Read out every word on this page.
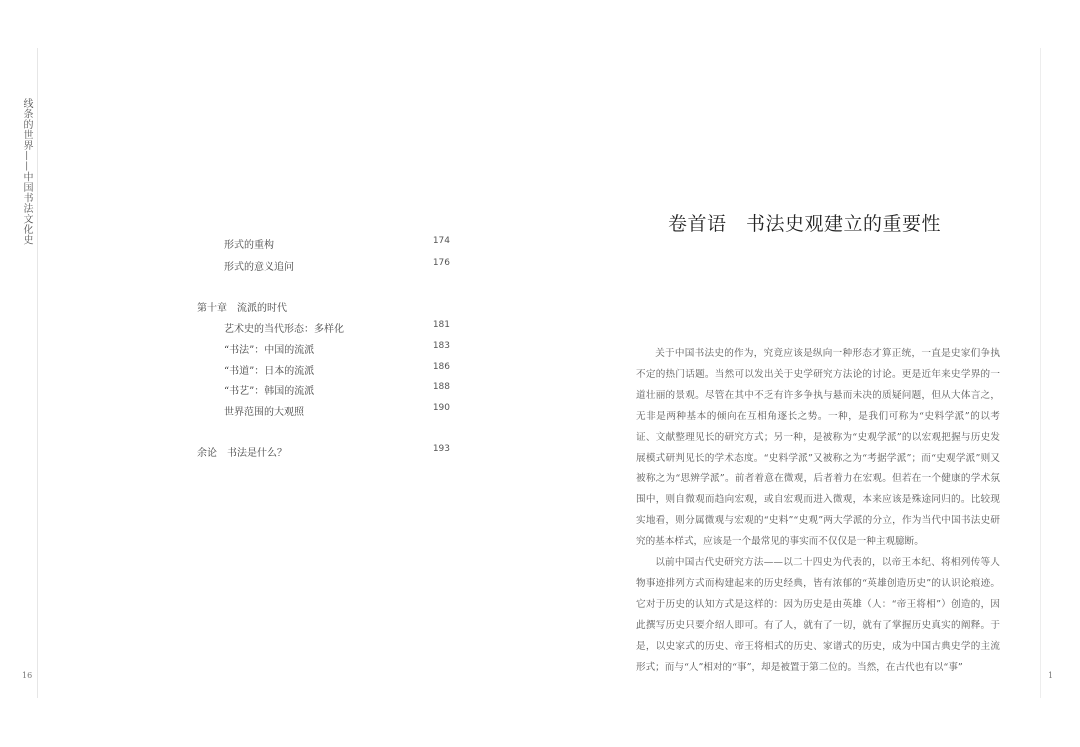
线条的世界——中国书法文化史
16
形式的重构	174
形式的意义追问	176
第十章　流派的时代
艺术史的当代形态：多样化	181
“书法”：中国的流派	183
“书道”：日本的流派	186
“书艺”：韩国的流派	188
世界范围的大观照	190
余论　书法是什么？	193
卷首语　书法史观建立的重要性

关于中国书法史的作为，究竟应该是纵向一种形态才算正统，一直是史家们争执不定的热门话题。当然可以发出关于史学研究方法论的讨论。更是近年来史学界的一道壮丽的景观。尽管在其中不乏有许多争执与悬而未决的质疑问题，但从大体言之，无非是两种基本的倾向在互相角逐长之势。一种，是我们可称为“史料学派”的以考证、文献整理见长的研究方式；另一种，是被称为“史观学派”的以宏观把握与历史发展模式研判见长的学术态度。“史料学派”又被称之为“考据学派”；而“史观学派”则又被称之为“思辨学派”。前者着意在微观，后者着力在宏观。但若在一个健康的学术氛围中，则自微观而趋向宏观，或自宏观而进入微观，本来应该是殊途同归的。比较现实地看，则分属微观与宏观的“史料”“史观”两大学派的分立，作为当代中国书法史研究的基本样式，应该是一个最常见的事实而不仅仅是一种主观臆断。

以前中国古代史研究方法——以二十四史为代表的，以帝王本纪、将相列传等人物事迹排列方式而构建起来的历史经典，皆有浓郁的“英雄创造历史”的认识论痕迹。它对于历史的认知方式是这样的：因为历史是由英雄（人：“帝王将相”）创造的，因此撰写历史只要介绍人即可。有了人，就有了一切，就有了掌握历史真实的阐释。于是，以史家式的历史、帝王将相式的历史、家谱式的历史，成为中国古典史学的主流形式；而与“人”相对的“事”，却是被置于第二位的。当然，在古代也有以“事”

1
